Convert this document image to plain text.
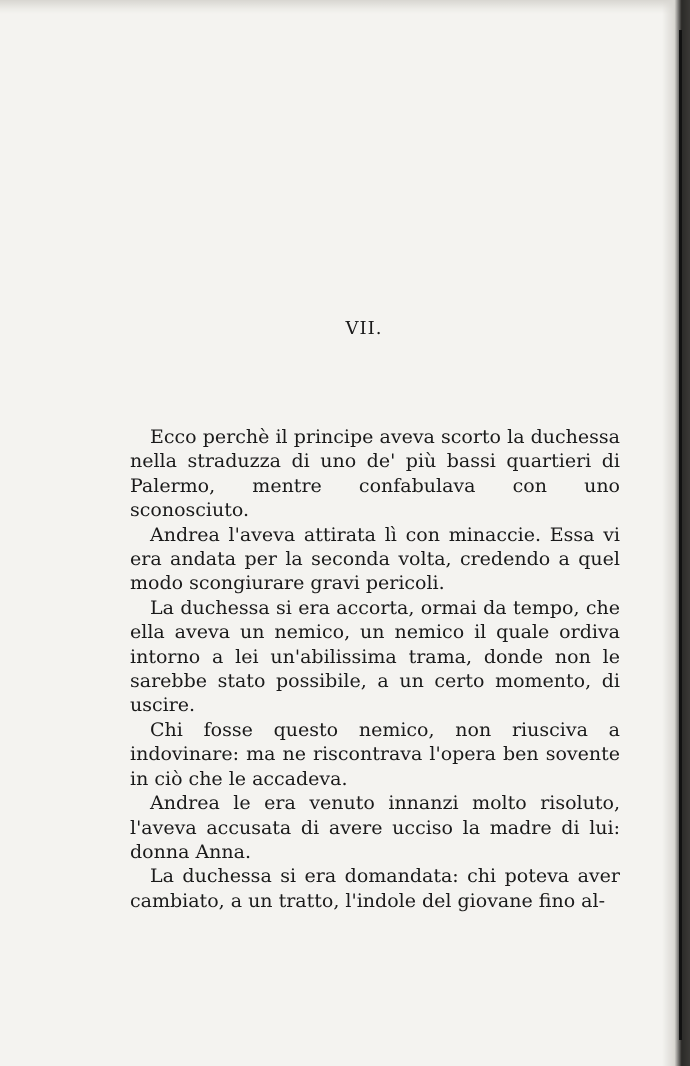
VII.

Ecco perchè il principe aveva scorto la duchessa nella straduzza di uno de' più bassi quartieri di Palermo, mentre confabulava con uno sconosciuto.

Andrea l'aveva attirata lì con minaccie. Essa vi era andata per la seconda volta, credendo a quel modo scongiurare gravi pericoli.

La duchessa si era accorta, ormai da tempo, che ella aveva un nemico, un nemico il quale ordiva intorno a lei un'abilissima trama, donde non le sarebbe stato possibile, a un certo momento, di uscire.

Chi fosse questo nemico, non riusciva a indovinare: ma ne riscontrava l'opera ben sovente in ciò che le accadeva.

Andrea le era venuto innanzi molto risoluto, l'aveva accusata di avere ucciso la madre di lui: donna Anna.

La duchessa si era domandata: chi poteva aver cambiato, a un tratto, l'indole del giovane fino al-
